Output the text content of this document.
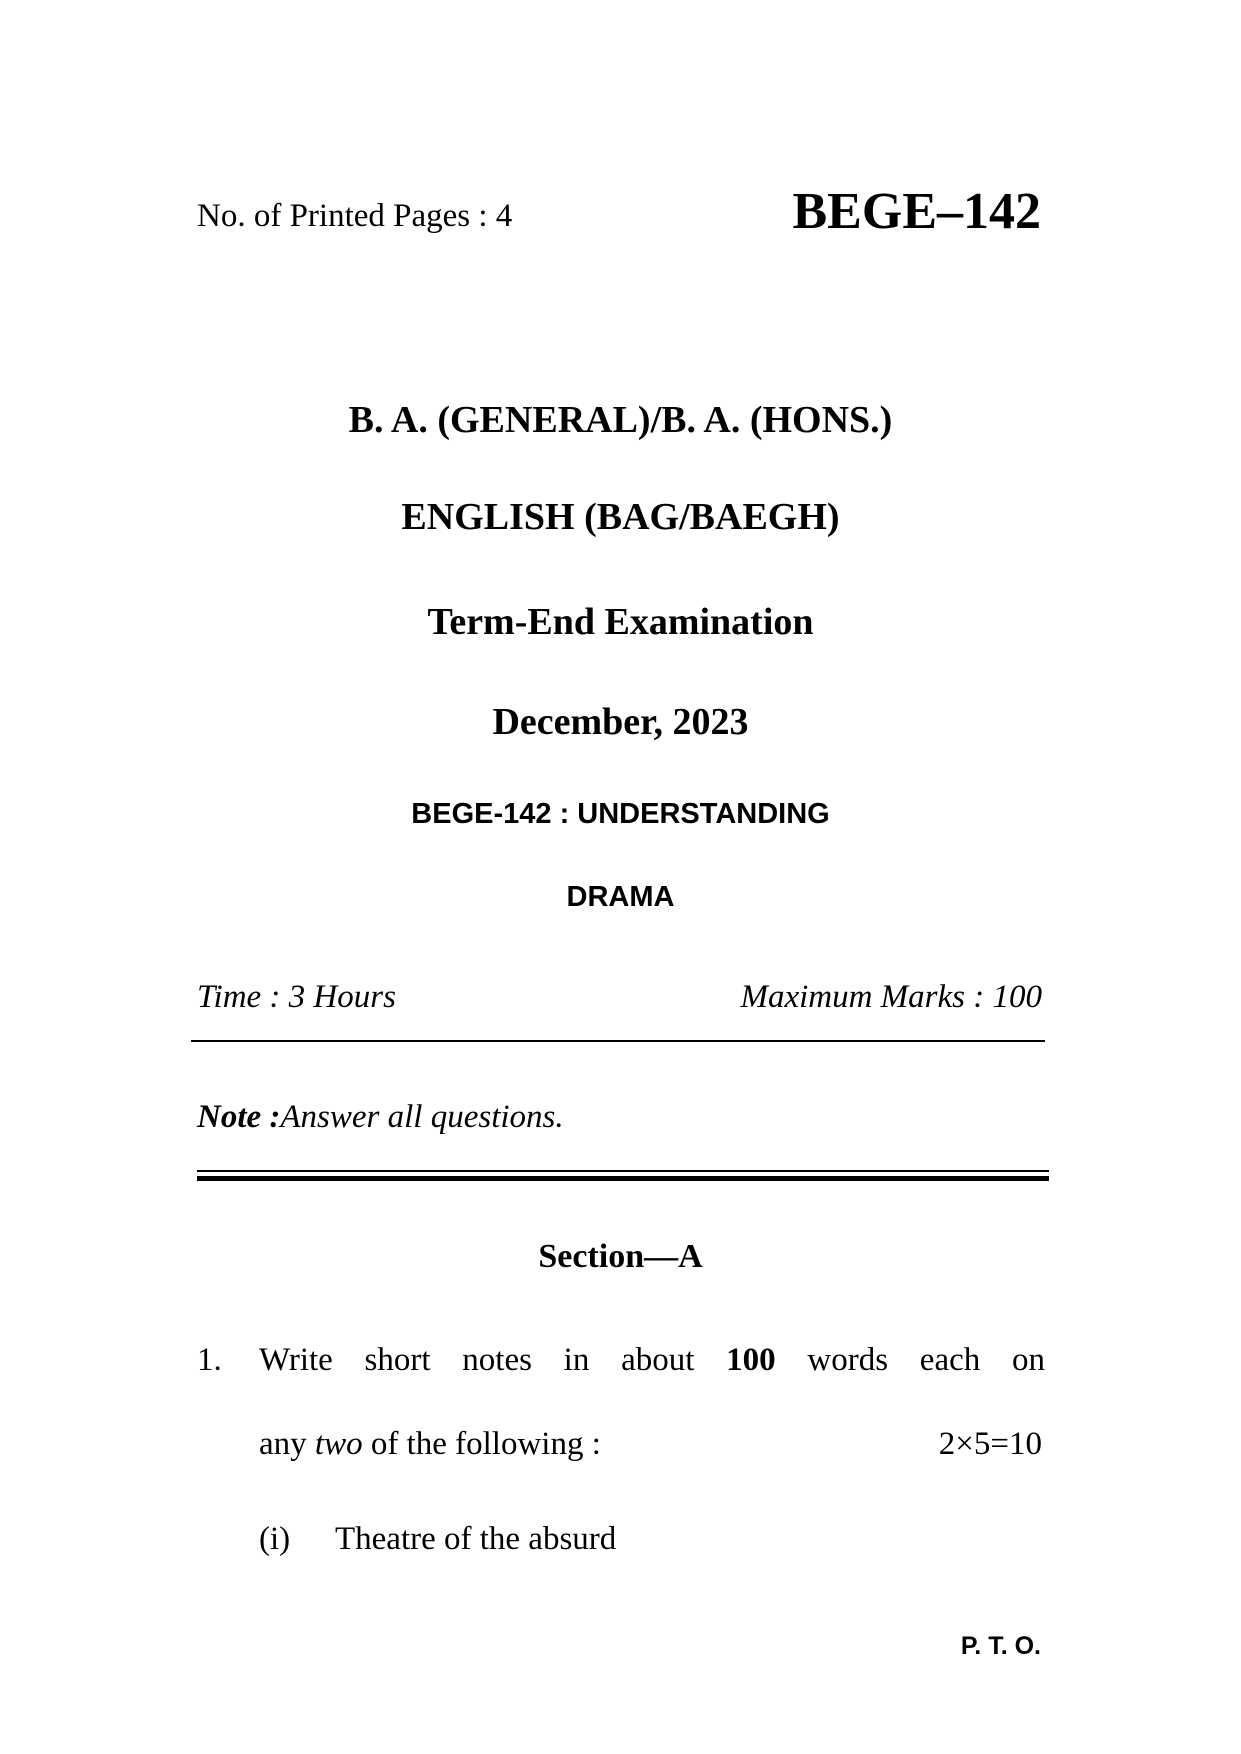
No. of Printed Pages : 4	BEGE–142
B. A. (GENERAL)/B. A. (HONS.)
ENGLISH (BAG/BAEGH)
Term-End Examination
December, 2023
BEGE-142 : UNDERSTANDING
DRAMA
Time : 3 Hours	Maximum Marks : 100
Note :Answer all questions.
Section—A
1. Write short notes in about 100 words each on
any two of the following :	2×5=10
(i) Theatre of the absurd
P. T. O.
